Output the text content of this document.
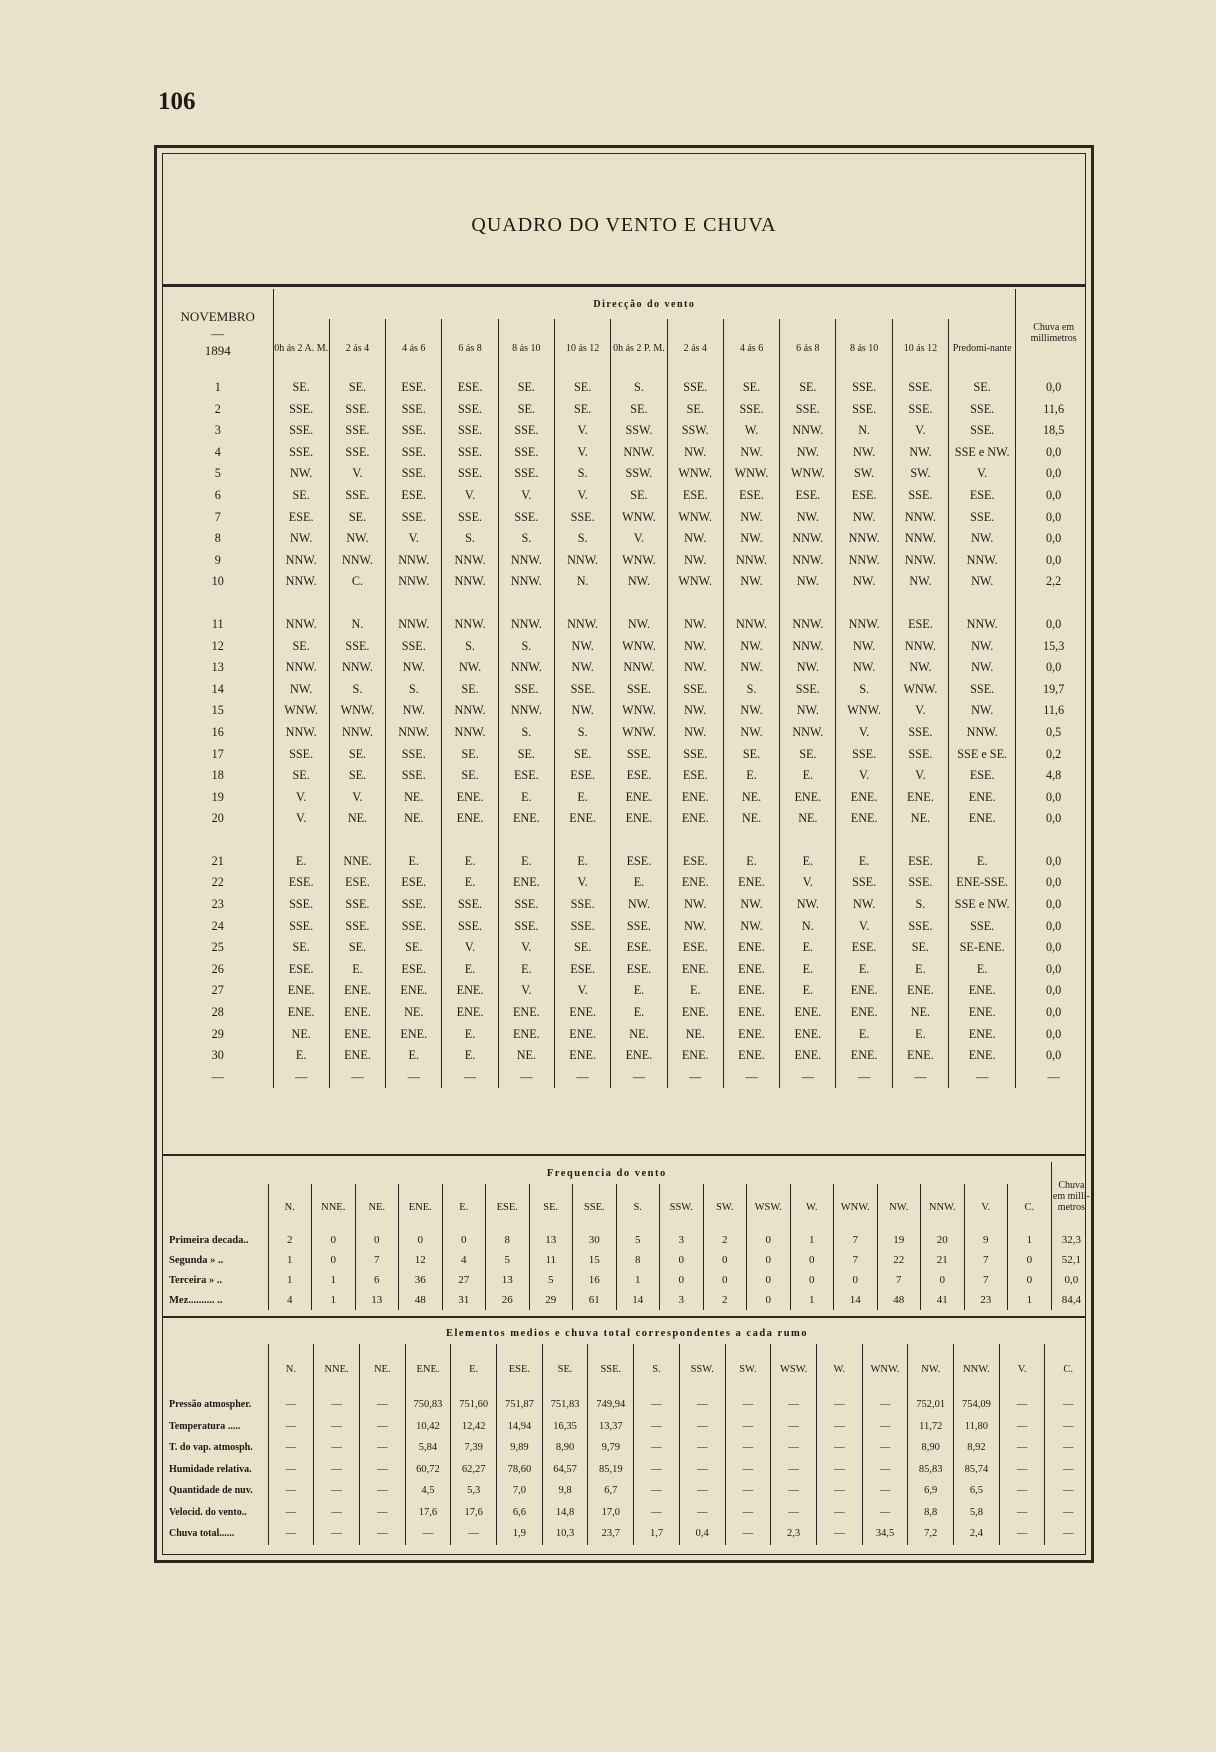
106
QUADRO DO VENTO E CHUVA
NOVEMBRO
—
1894	Direcção do vento													Chuva em millimetros
	0h ás 2 A. M.	2 ás 4	4 ás 6	6 ás 8	8 ás 10	10 ás 12	0h ás 2 P. M.	2 ás 4	4 ás 6	6 ás 8	8 ás 10	10 ás 12	Predomi-nante	
1	SE.	SE.	ESE.	ESE.	SE.	SE.	S.	SSE.	SE.	SE.	SSE.	SSE.	SE.	0,0
2	SSE.	SSE.	SSE.	SSE.	SE.	SE.	SE.	SE.	SSE.	SSE.	SSE.	SSE.	SSE.	11,6
3	SSE.	SSE.	SSE.	SSE.	SSE.	V.	SSW.	SSW.	W.	NNW.	N.	V.	SSE.	18,5
4	SSE.	SSE.	SSE.	SSE.	SSE.	V.	NNW.	NW.	NW.	NW.	NW.	NW.	SSE e NW.	0,0
5	NW.	V.	SSE.	SSE.	SSE.	S.	SSW.	WNW.	WNW.	WNW.	SW.	SW.	V.	0,0
6	SE.	SSE.	ESE.	V.	V.	V.	SE.	ESE.	ESE.	ESE.	ESE.	SSE.	ESE.	0,0
7	ESE.	SE.	SSE.	SSE.	SSE.	SSE.	WNW.	WNW.	NW.	NW.	NW.	NNW.	SSE.	0,0
8	NW.	NW.	V.	S.	S.	S.	V.	NW.	NW.	NNW.	NNW.	NNW.	NW.	0,0
9	NNW.	NNW.	NNW.	NNW.	NNW.	NNW.	WNW.	NW.	NNW.	NNW.	NNW.	NNW.	NNW.	0,0
10	NNW.	C.	NNW.	NNW.	NNW.	N.	NW.	WNW.	NW.	NW.	NW.	NW.	NW.	2,2

11	NNW.	N.	NNW.	NNW.	NNW.	NNW.	NW.	NW.	NNW.	NNW.	NNW.	ESE.	NNW.	0,0
12	SE.	SSE.	SSE.	S.	S.	NW.	WNW.	NW.	NW.	NNW.	NW.	NNW.	NW.	15,3
13	NNW.	NNW.	NW.	NW.	NNW.	NW.	NNW.	NW.	NW.	NW.	NW.	NW.	NW.	0,0
14	NW.	S.	S.	SE.	SSE.	SSE.	SSE.	SSE.	S.	SSE.	S.	WNW.	SSE.	19,7
15	WNW.	WNW.	NW.	NNW.	NNW.	NW.	WNW.	NW.	NW.	NW.	WNW.	V.	NW.	11,6
16	NNW.	NNW.	NNW.	NNW.	S.	S.	WNW.	NW.	NW.	NNW.	V.	SSE.	NNW.	0,5
17	SSE.	SE.	SSE.	SE.	SE.	SE.	SSE.	SSE.	SE.	SE.	SSE.	SSE.	SSE e SE.	0,2
18	SE.	SE.	SSE.	SE.	ESE.	ESE.	ESE.	ESE.	E.	E.	V.	V.	ESE.	4,8
19	V.	V.	NE.	ENE.	E.	E.	ENE.	ENE.	NE.	ENE.	ENE.	ENE.	ENE.	0,0
20	V.	NE.	NE.	ENE.	ENE.	ENE.	ENE.	ENE.	NE.	NE.	ENE.	NE.	ENE.	0,0

21	E.	NNE.	E.	E.	E.	E.	ESE.	ESE.	E.	E.	E.	ESE.	E.	0,0
22	ESE.	ESE.	ESE.	E.	ENE.	V.	E.	ENE.	ENE.	V.	SSE.	SSE.	ENE-SSE.	0,0
23	SSE.	SSE.	SSE.	SSE.	SSE.	SSE.	NW.	NW.	NW.	NW.	NW.	S.	SSE e NW.	0,0
24	SSE.	SSE.	SSE.	SSE.	SSE.	SSE.	SSE.	NW.	NW.	N.	V.	SSE.	SSE.	0,0
25	SE.	SE.	SE.	V.	V.	SE.	ESE.	ESE.	ENE.	E.	ESE.	SE.	SE-ENE.	0,0
26	ESE.	E.	ESE.	E.	E.	ESE.	ESE.	ENE.	ENE.	E.	E.	E.	E.	0,0
27	ENE.	ENE.	ENE.	ENE.	V.	V.	E.	E.	ENE.	E.	ENE.	ENE.	ENE.	0,0
28	ENE.	ENE.	NE.	ENE.	ENE.	ENE.	E.	ENE.	ENE.	ENE.	ENE.	NE.	ENE.	0,0
29	NE.	ENE.	ENE.	E.	ENE.	ENE.	NE.	NE.	ENE.	ENE.	E.	E.	ENE.	0,0
30	E.	ENE.	E.	E.	NE.	ENE.	ENE.	ENE.	ENE.	ENE.	ENE.	ENE.	ENE.	0,0
—	—	—	—	—	—	—	—	—	—	—	—	—	—	—
Frequencia do vento																			Chuva em milli-metros
	N.	NNE.	NE.	ENE.	E.	ESE.	SE.	SSE.	S.	SSW.	SW.	WSW.	W.	WNW.	NW.	NNW.	V.	C.	
Primeira decada..	2	0	0	0	0	8	13	30	5	3	2	0	1	7	19	20	9	1	32,3
Segunda » ..	1	0	7	12	4	5	11	15	8	0	0	0	0	7	22	21	7	0	52,1
Terceira » ..	1	1	6	36	27	13	5	16	1	0	0	0	0	0	7	0	7	0	0,0
Mez.......... ..	4	1	13	48	31	26	29	61	14	3	2	0	1	14	48	41	23	1	84,4
Elementos medios e chuva total correspondentes a cada rumo																		
	N.	NNE.	NE.	ENE.	E.	ESE.	SE.	SSE.	S.	SSW.	SW.	WSW.	W.	WNW.	NW.	NNW.	V.	C.
Pressão atmospher.	—	—	—	750,83	751,60	751,87	751,83	749,94	—	—	—	—	—	—	752,01	754,09	—	—
Temperatura .....	—	—	—	10,42	12,42	14,94	16,35	13,37	—	—	—	—	—	—	11,72	11,80	—	—
T. do vap. atmosph.	—	—	—	5,84	7,39	9,89	8,90	9,79	—	—	—	—	—	—	8,90	8,92	—	—
Humidade relativa.	—	—	—	60,72	62,27	78,60	64,57	85,19	—	—	—	—	—	—	85,83	85,74	—	—
Quantidade de nuv.	—	—	—	4,5	5,3	7,0	9,8	6,7	—	—	—	—	—	—	6,9	6,5	—	—
Velocid. do vento..	—	—	—	17,6	17,6	6,6	14,8	17,0	—	—	—	—	—	—	8,8	5,8	—	—
Chuva total......	—	—	—	—	—	1,9	10,3	23,7	1,7	0,4	—	2,3	—	34,5	7,2	2,4	—	—
